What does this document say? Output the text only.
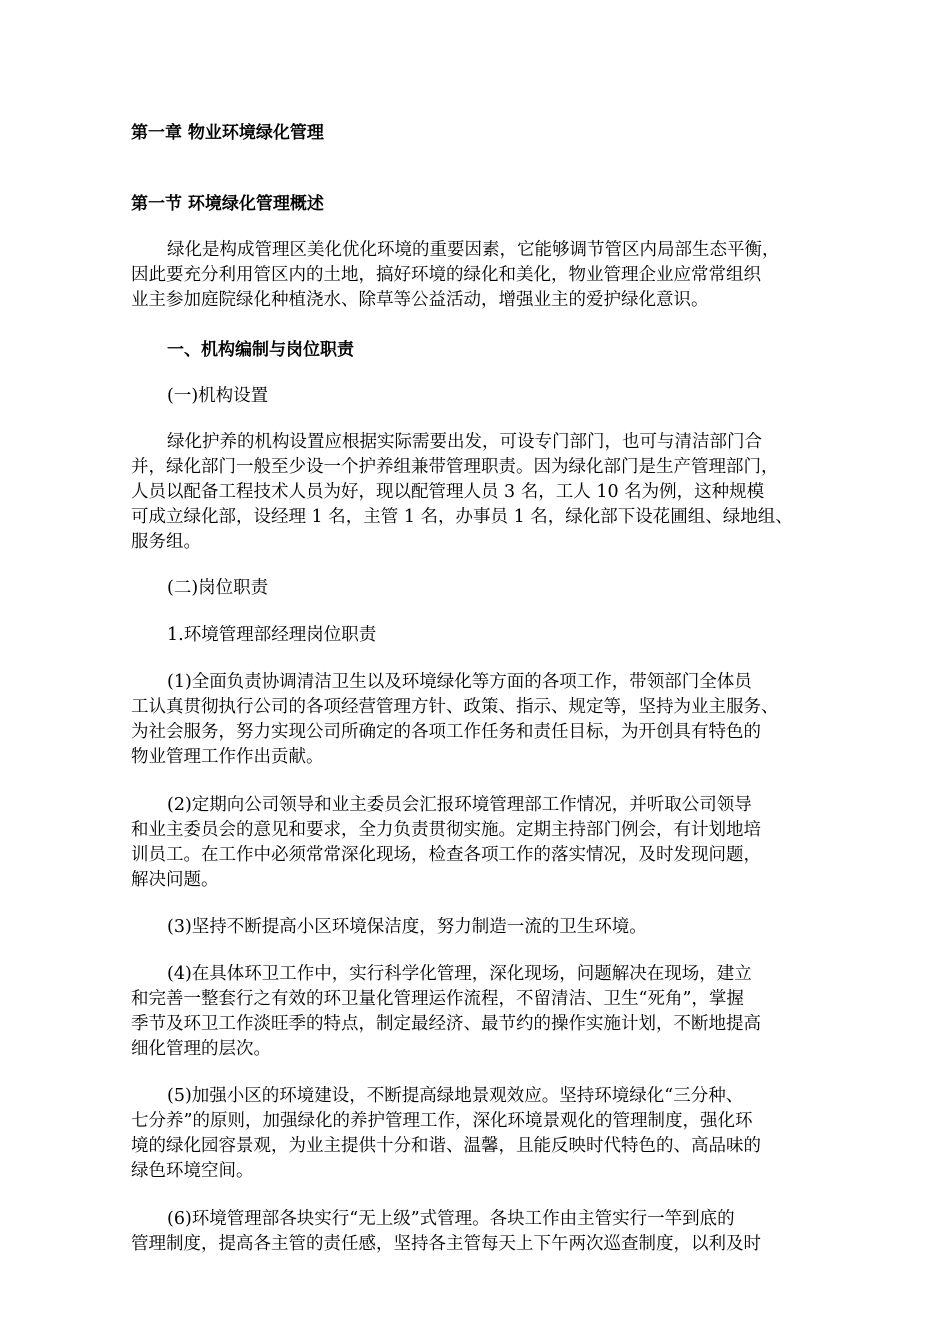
第一章 物业环境绿化管理
第一节 环境绿化管理概述
绿化是构成管理区美化优化环境的重要因素，它能够调节管区内局部生态平衡，
因此要充分利用管区内的土地，搞好环境的绿化和美化，物业管理企业应常常组织
业主参加庭院绿化种植浇水、除草等公益活动，增强业主的爱护绿化意识。
一、机构编制与岗位职责
(一)机构设置
绿化护养的机构设置应根据实际需要出发，可设专门部门，也可与清洁部门合
并，绿化部门一般至少设一个护养组兼带管理职责。因为绿化部门是生产管理部门，
人员以配备工程技术人员为好，现以配管理人员 3 名，工人 10 名为例，这种规模
可成立绿化部，设经理 1 名，主管 1 名，办事员 1 名，绿化部下设花圃组、绿地组、
服务组。
(二)岗位职责
1.环境管理部经理岗位职责
(1)全面负责协调清洁卫生以及环境绿化等方面的各项工作，带领部门全体员
工认真贯彻执行公司的各项经营管理方针、政策、指示、规定等，坚持为业主服务、
为社会服务，努力实现公司所确定的各项工作任务和责任目标，为开创具有特色的
物业管理工作作出贡献。
(2)定期向公司领导和业主委员会汇报环境管理部工作情况，并听取公司领导
和业主委员会的意见和要求，全力负责贯彻实施。定期主持部门例会，有计划地培
训员工。在工作中必须常常深化现场，检查各项工作的落实情况，及时发现问题，
解决问题。
(3)坚持不断提高小区环境保洁度，努力制造一流的卫生环境。
(4)在具体环卫工作中，实行科学化管理，深化现场，问题解决在现场，建立
和完善一整套行之有效的环卫量化管理运作流程，不留清洁、卫生“死角”，掌握
季节及环卫工作淡旺季的特点，制定最经济、最节约的操作实施计划，不断地提高
细化管理的层次。
(5)加强小区的环境建设，不断提高绿地景观效应。坚持环境绿化“三分种、
七分养”的原则，加强绿化的养护管理工作，深化环境景观化的管理制度，强化环
境的绿化园容景观，为业主提供十分和谐、温馨，且能反映时代特色的、高品味的
绿色环境空间。
(6)环境管理部各块实行“无上级”式管理。各块工作由主管实行一竿到底的
管理制度，提高各主管的责任感，坚持各主管每天上下午两次巡查制度，以利及时
